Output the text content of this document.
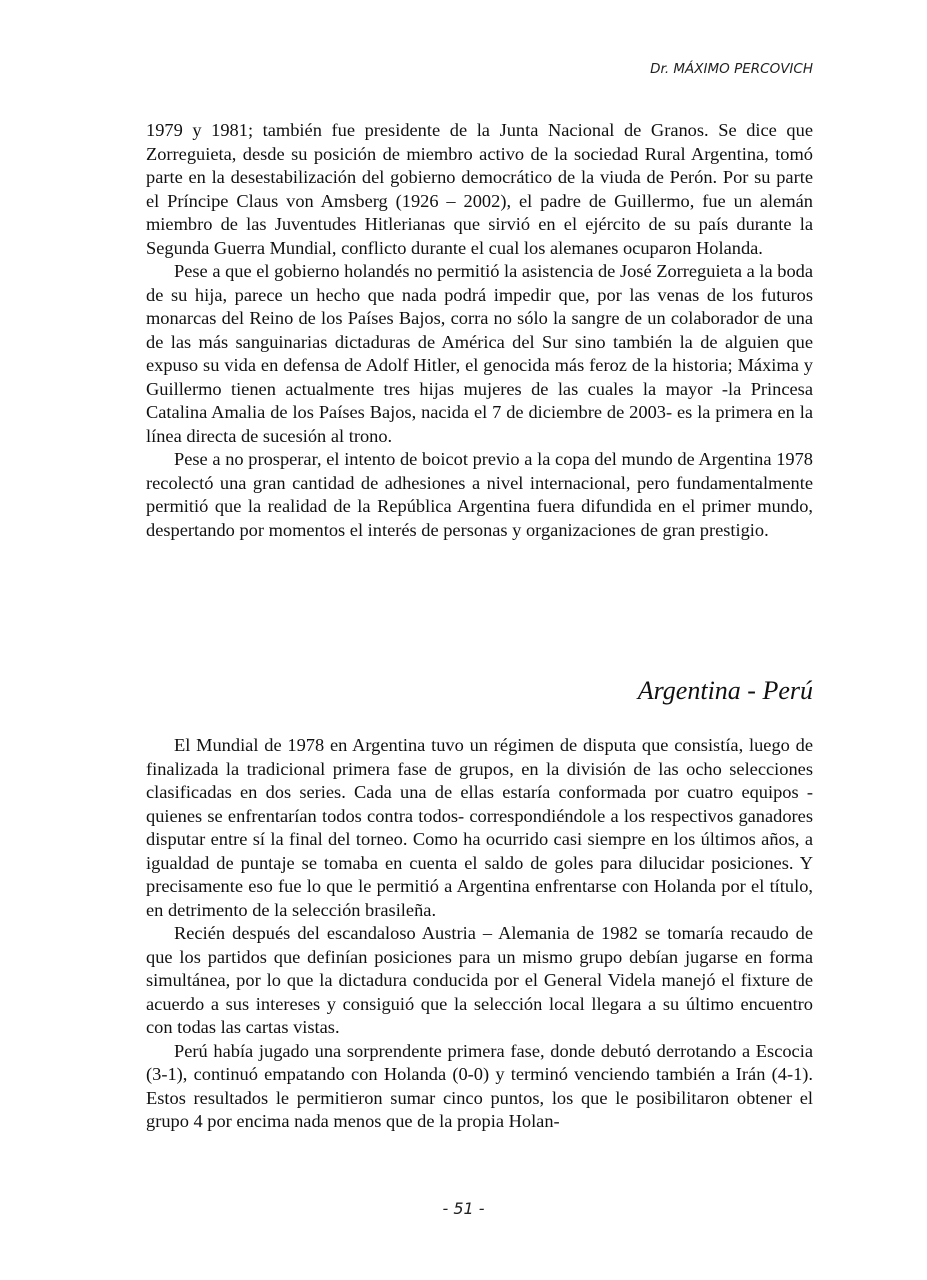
Dr. MÁXIMO PERCOVICH

1979 y 1981; también fue presidente de la Junta Nacional de Granos. Se dice que Zorreguieta, desde su posición de miembro activo de la sociedad Rural Argentina, tomó parte en la desestabilización del gobierno democrático de la viuda de Perón. Por su parte el Príncipe Claus von Amsberg (1926 – 2002), el padre de Guillermo, fue un alemán miembro de las Juventudes Hitlerianas que sirvió en el ejército de su país durante la Segunda Guerra Mundial, conflicto durante el cual los alemanes ocuparon Holanda.

Pese a que el gobierno holandés no permitió la asistencia de José Zorreguieta a la boda de su hija, parece un hecho que nada podrá impedir que, por las venas de los futuros monarcas del Reino de los Países Bajos, corra no sólo la sangre de un colaborador de una de las más sanguinarias dictaduras de América del Sur sino también la de alguien que expuso su vida en defensa de Adolf Hitler, el genocida más feroz de la historia; Máxima y Guillermo tienen actualmente tres hijas mujeres de las cuales la mayor -la Princesa Catalina Amalia de los Países Bajos, nacida el 7 de diciembre de 2003- es la primera en la línea directa de sucesión al trono.

Pese a no prosperar, el intento de boicot previo a la copa del mundo de Argentina 1978 recolectó una gran cantidad de adhesiones a nivel internacional, pero fundamentalmente permitió que la realidad de la República Argentina fuera difundida en el primer mundo, despertando por momentos el interés de personas y organizaciones de gran prestigio.

Argentina - Perú

El Mundial de 1978 en Argentina tuvo un régimen de disputa que consistía, luego de finalizada la tradicional primera fase de grupos, en la división de las ocho selecciones clasificadas en dos series. Cada una de ellas estaría conformada por cuatro equipos -quienes se enfrentarían todos contra todos- correspondiéndole a los respectivos ganadores disputar entre sí la final del torneo. Como ha ocurrido casi siempre en los últimos años, a igualdad de puntaje se tomaba en cuenta el saldo de goles para dilucidar posiciones. Y precisamente eso fue lo que le permitió a Argentina enfrentarse con Holanda por el título, en detrimento de la selección brasileña.

Recién después del escandaloso Austria – Alemania de 1982 se tomaría recaudo de que los partidos que definían posiciones para un mismo grupo debían jugarse en forma simultánea, por lo que la dictadura conducida por el General Videla manejó el fixture de acuerdo a sus intereses y consiguió que la selección local llegara a su último encuentro con todas las cartas vistas.

Perú había jugado una sorprendente primera fase, donde debutó derrotando a Escocia (3-1), continuó empatando con Holanda (0-0) y terminó venciendo también a Irán (4-1). Estos resultados le permitieron sumar cinco puntos, los que le posibilitaron obtener el grupo 4 por encima nada menos que de la propia Holan-

- 51 -
